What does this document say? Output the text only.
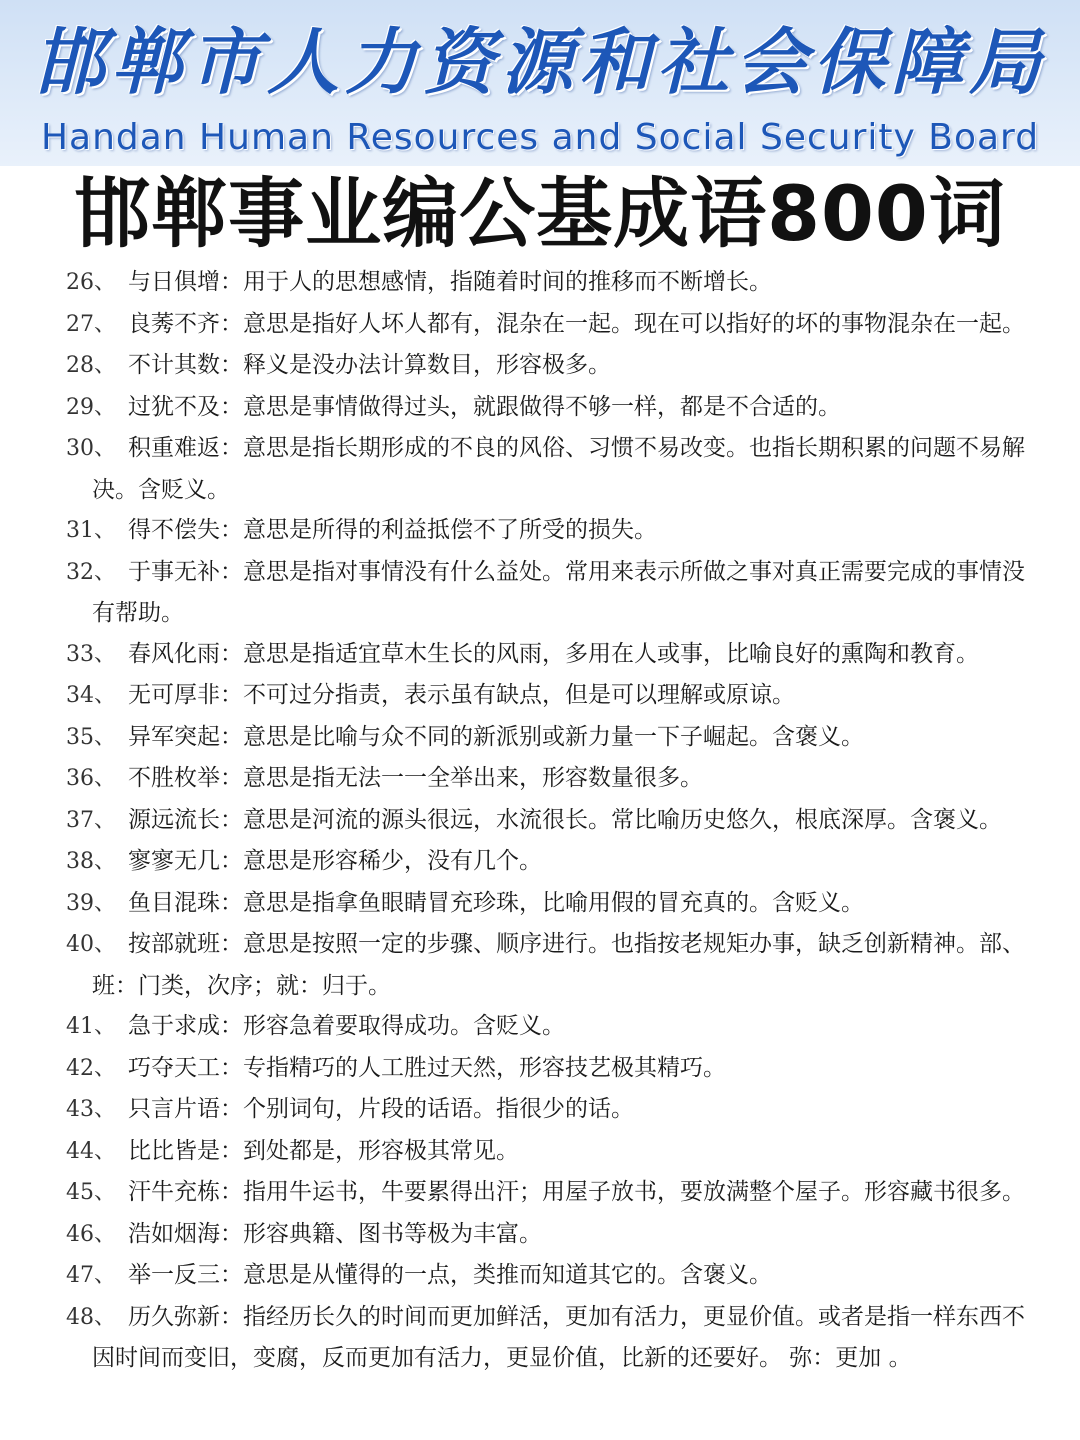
邯郸市人力资源和社会保障局
Handan Human Resources and Social Security Board
邯郸事业编公基成语800词
26、 与日俱增：用于人的思想感情，指随着时间的推移而不断增长。
27、 良莠不齐：意思是指好人坏人都有，混杂在一起。现在可以指好的坏的事物混杂在一起。
28、 不计其数：释义是没办法计算数目，形容极多。
29、 过犹不及：意思是事情做得过头，就跟做得不够一样，都是不合适的。
30、 积重难返：意思是指长期形成的不良的风俗、习惯不易改变。也指长期积累的问题不易解决。含贬义。
31、 得不偿失：意思是所得的利益抵偿不了所受的损失。
32、 于事无补：意思是指对事情没有什么益处。常用来表示所做之事对真正需要完成的事情没有帮助。
33、 春风化雨：意思是指适宜草木生长的风雨，多用在人或事，比喻良好的熏陶和教育。
34、 无可厚非：不可过分指责，表示虽有缺点，但是可以理解或原谅。
35、 异军突起：意思是比喻与众不同的新派别或新力量一下子崛起。含褒义。
36、 不胜枚举：意思是指无法一一全举出来，形容数量很多。
37、 源远流长：意思是河流的源头很远，水流很长。常比喻历史悠久，根底深厚。含褒义。
38、 寥寥无几：意思是形容稀少，没有几个。
39、 鱼目混珠：意思是指拿鱼眼睛冒充珍珠，比喻用假的冒充真的。含贬义。
40、 按部就班：意思是按照一定的步骤、顺序进行。也指按老规矩办事，缺乏创新精神。部、班：门类，次序；就：归于。
41、 急于求成：形容急着要取得成功。含贬义。
42、 巧夺天工：专指精巧的人工胜过天然，形容技艺极其精巧。
43、 只言片语：个别词句，片段的话语。指很少的话。
44、 比比皆是：到处都是，形容极其常见。
45、 汗牛充栋：指用牛运书，牛要累得出汗；用屋子放书，要放满整个屋子。形容藏书很多。
46、 浩如烟海：形容典籍、图书等极为丰富。
47、 举一反三：意思是从懂得的一点，类推而知道其它的。含褒义。
48、 历久弥新：指经历长久的时间而更加鲜活，更加有活力，更显价值。或者是指一样东西不因时间而变旧，变腐，反而更加有活力，更显价值，比新的还要好。 弥：更加 。
